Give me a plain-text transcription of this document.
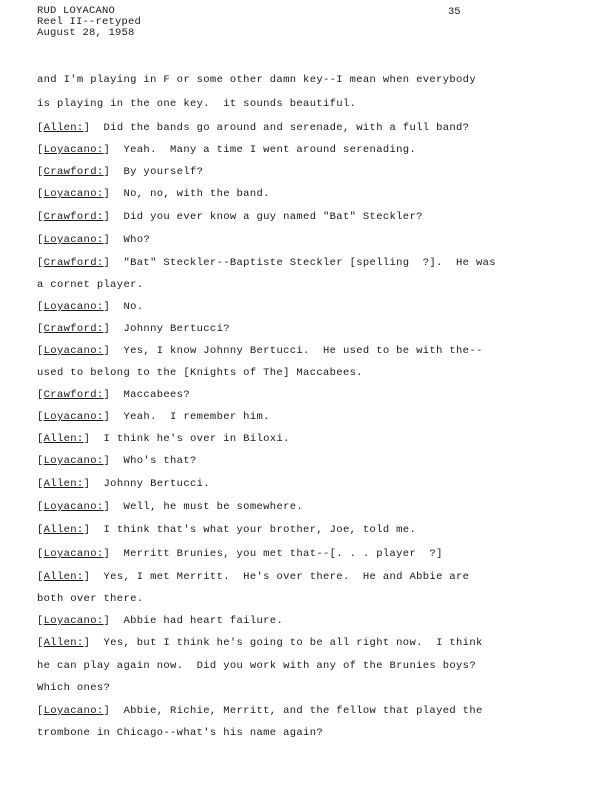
RUD LOYACANO
Reel II--retyped
August 28, 1958
35
and I'm playing in F or some other damn key--I mean when everybody
is playing in the one key.  it sounds beautiful.
[Allen:]  Did the bands go around and serenade, with a full band?
[Loyacano:]  Yeah.  Many a time I went around serenading.
[Crawford:]  By yourself?
[Loyacano:]  No, no, with the band.
[Crawford:]  Did you ever know a guy named "Bat" Steckler?
[Loyacano:]  Who?
[Crawford:]  "Bat" Steckler--Baptiste Steckler [spelling  ?].  He was
a cornet player.
[Loyacano:]  No.
[Crawford:]  Johnny Bertucci?
[Loyacano:]  Yes, I know Johnny Bertucci.  He used to be with the--
used to belong to the [Knights of The] Maccabees.
[Crawford:]  Maccabees?
[Loyacano:]  Yeah.  I remember him.
[Allen:]  I think he's over in Biloxi.
[Loyacano:]  Who's that?
[Allen:]  Johnny Bertucci.
[Loyacano:]  Well, he must be somewhere.
[Allen:]  I think that's what your brother, Joe, told me.
[Loyacano:]  Merritt Brunies, you met that--[. . . player  ?]
[Allen:]  Yes, I met Merritt.  He's over there.  He and Abbie are
both over there.
[Loyacano:]  Abbie had heart failure.
[Allen:]  Yes, but I think he's going to be all right now.  I think
he can play again now.  Did you work with any of the Brunies boys?
Which ones?
[Loyacano:]  Abbie, Richie, Merritt, and the fellow that played the
trombone in Chicago--what's his name again?
